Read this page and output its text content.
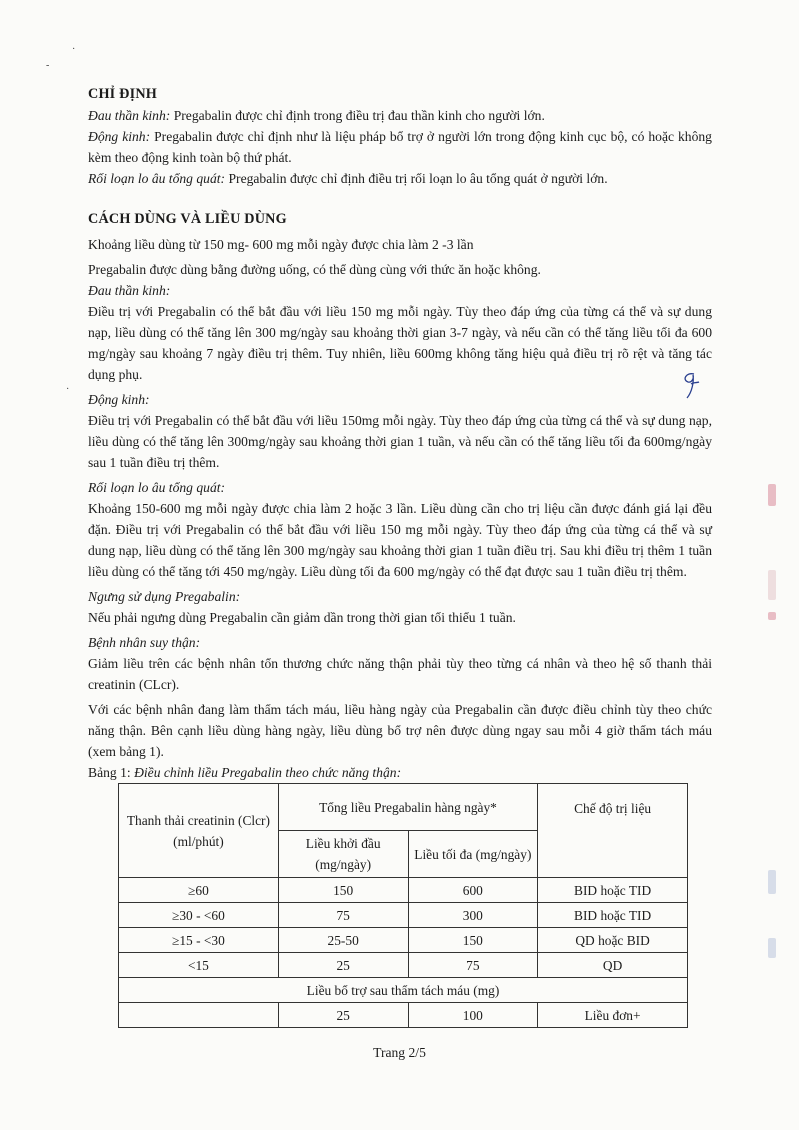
CHỈ ĐỊNH

Đau thần kinh: Pregabalin được chỉ định trong điều trị đau thần kinh cho người lớn.

Động kinh: Pregabalin được chỉ định như là liệu pháp bổ trợ ở người lớn trong động kinh cục bộ, có hoặc không kèm theo động kinh toàn bộ thứ phát.

Rối loạn lo âu tổng quát: Pregabalin được chỉ định điều trị rối loạn lo âu tổng quát ở người lớn.

CÁCH DÙNG VÀ LIỀU DÙNG

Khoảng liều dùng từ 150 mg- 600 mg mỗi ngày được chia làm 2 -3 lần

Pregabalin được dùng bằng đường uống, có thể dùng cùng với thức ăn hoặc không.

Đau thần kinh:

Điều trị với Pregabalin có thể bắt đầu với liều 150 mg mỗi ngày. Tùy theo đáp ứng của từng cá thể và sự dung nạp, liều dùng có thể tăng lên 300 mg/ngày sau khoảng thời gian 3-7 ngày, và nếu cần có thể tăng liều tối đa 600 mg/ngày sau khoảng 7 ngày điều trị thêm. Tuy nhiên, liều 600mg không tăng hiệu quả điều trị rõ rệt và tăng tác dụng phụ.

Động kinh:

Điều trị với Pregabalin có thể bắt đầu với liều 150mg mỗi ngày. Tùy theo đáp ứng của từng cá thể và sự dung nạp, liều dùng có thể tăng lên 300mg/ngày sau khoảng thời gian 1 tuần, và nếu cần có thể tăng liều tối đa 600mg/ngày sau 1 tuần điều trị thêm.

Rối loạn lo âu tổng quát:

Khoảng 150-600 mg mỗi ngày được chia làm 2 hoặc 3 lần. Liều dùng cần cho trị liệu cần được đánh giá lại đều đặn. Điều trị với Pregabalin có thể bắt đầu với liều 150 mg mỗi ngày. Tùy theo đáp ứng của từng cá thể và sự dung nạp, liều dùng có thể tăng lên 300 mg/ngày sau khoảng thời gian 1 tuần điều trị. Sau khi điều trị thêm 1 tuần liều dùng có thể tăng tới 450 mg/ngày. Liều dùng tối đa 600 mg/ngày có thể đạt được sau 1 tuần điều trị thêm.

Ngưng sử dụng Pregabalin:

Nếu phải ngưng dùng Pregabalin cần giảm dần trong thời gian tối thiểu 1 tuần.

Bệnh nhân suy thận:

Giảm liều trên các bệnh nhân tổn thương chức năng thận phải tùy theo từng cá nhân và theo hệ số thanh thải creatinin (CLcr).

Với các bệnh nhân đang làm thẩm tách máu, liều hàng ngày của Pregabalin cần được điều chỉnh tùy theo chức năng thận. Bên cạnh liều dùng hàng ngày, liều dùng bổ trợ nên được dùng ngay sau mỗi 4 giờ thẩm tách máu (xem bảng 1).

Bảng 1: Điều chỉnh liều Pregabalin theo chức năng thận:

Thanh thải creatinin (Clcr) (ml/phút)	Tổng liều Pregabalin hàng ngày*		Chế độ trị liệu
	Liều khởi đầu (mg/ngày)	Liều tối đa (mg/ngày)	
≥60	150	600	BID hoặc TID
≥30 - <60	75	300	BID hoặc TID
≥15 - <30	25-50	150	QD hoặc BID
<15	25	75	QD
Liều bổ trợ sau thẩm tách máu (mg)			
	25	100	Liều đơn+
Trang 2/5
·
-
·
